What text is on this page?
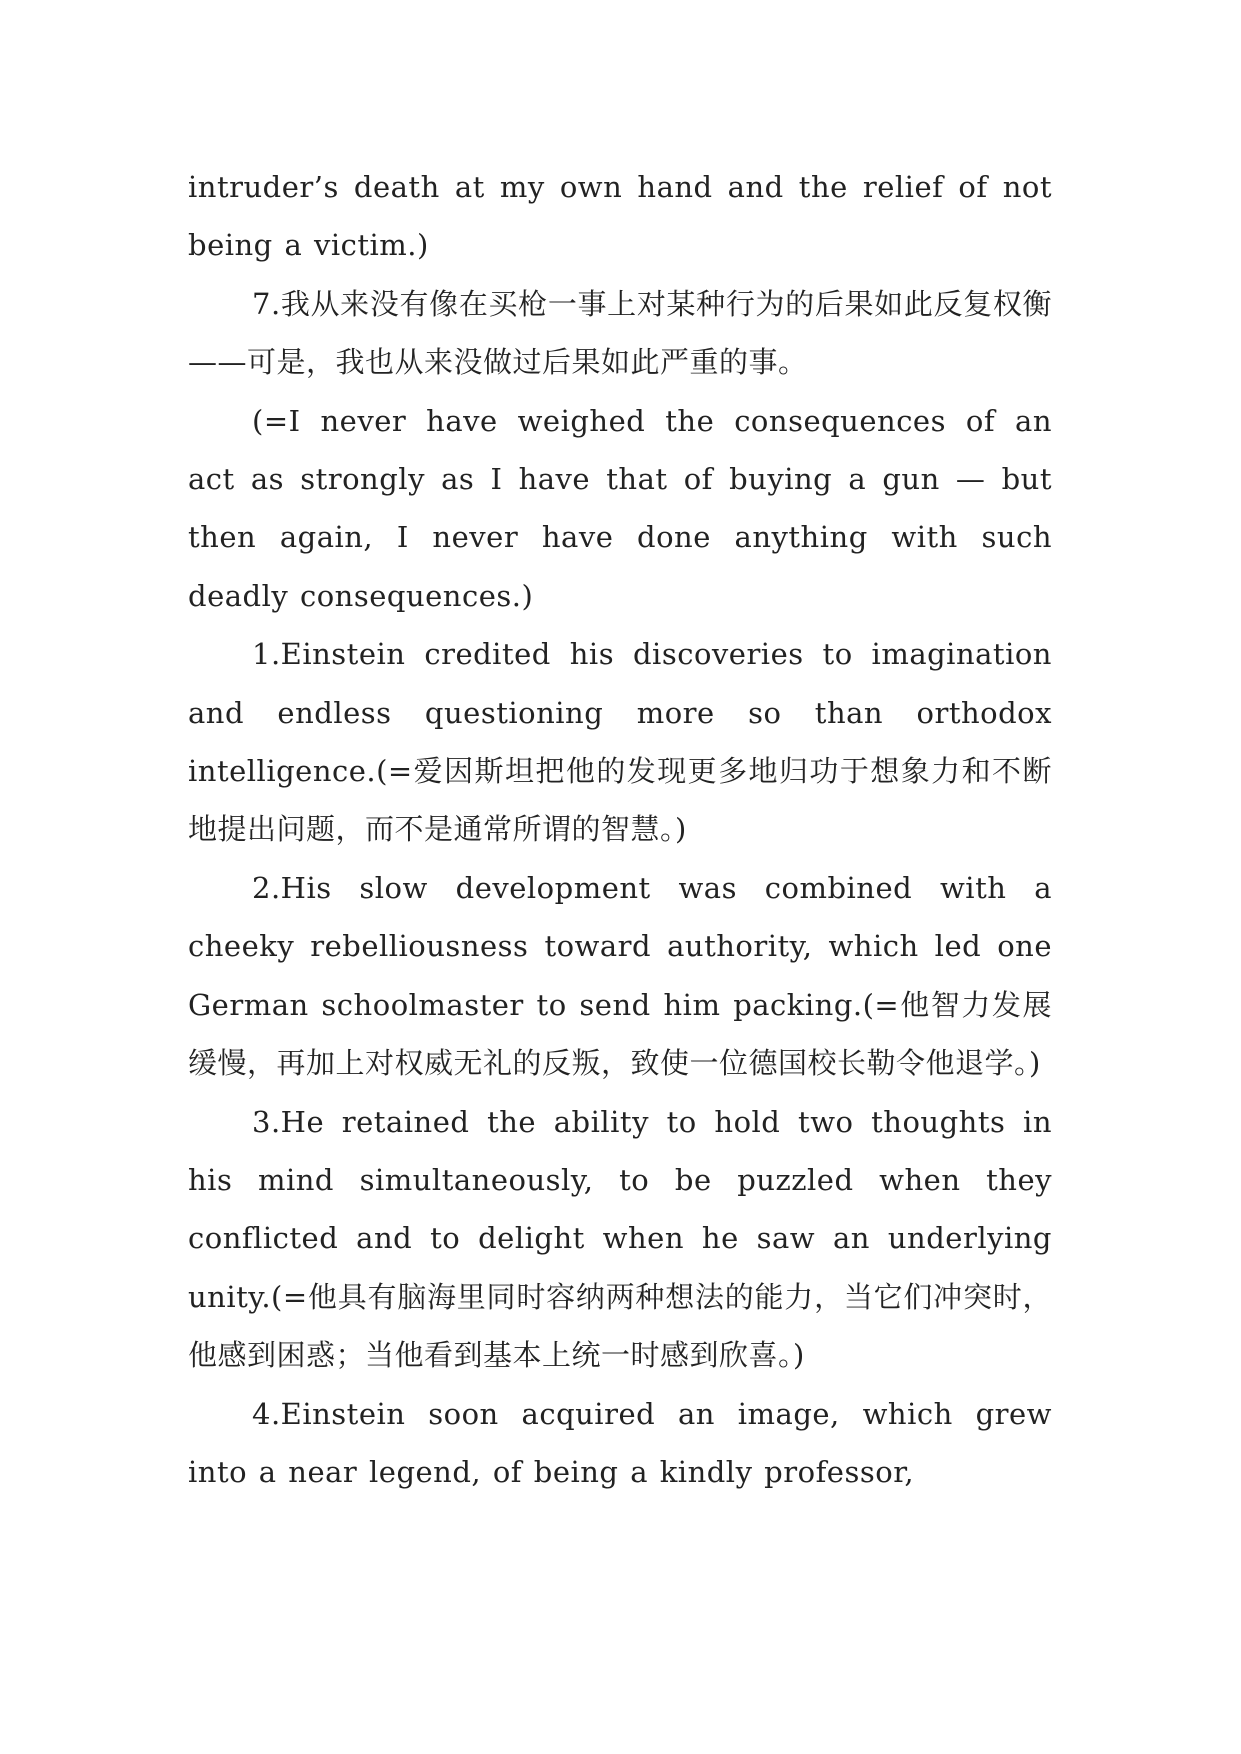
intruder’s death at my own hand and the relief of not being a victim.)

7.我从来没有像在买枪一事上对某种行为的后果如此反复权衡——可是，我也从来没做过后果如此严重的事。

(=I never have weighed the consequences of an act as strongly as I have that of buying a gun — but then again, I never have done anything with such deadly consequences.)

1.Einstein credited his discoveries to imagination and endless questioning more so than orthodox intelligence.(=爱因斯坦把他的发现更多地归功于想象力和不断地提出问题，而不是通常所谓的智慧。)

2.His slow development was combined with a cheeky rebelliousness toward authority, which led one German schoolmaster to send him packing.(=他智力发展缓慢，再加上对权威无礼的反叛，致使一位德国校长勒令他退学。)

3.He retained the ability to hold two thoughts in his mind simultaneously, to be puzzled when they conflicted and to delight when he saw an underlying unity.(=他具有脑海里同时容纳两种想法的能力，当它们冲突时，他感到困惑；当他看到基本上统一时感到欣喜。)

4.Einstein soon acquired an image, which grew into a near legend, of being a kindly professor,
